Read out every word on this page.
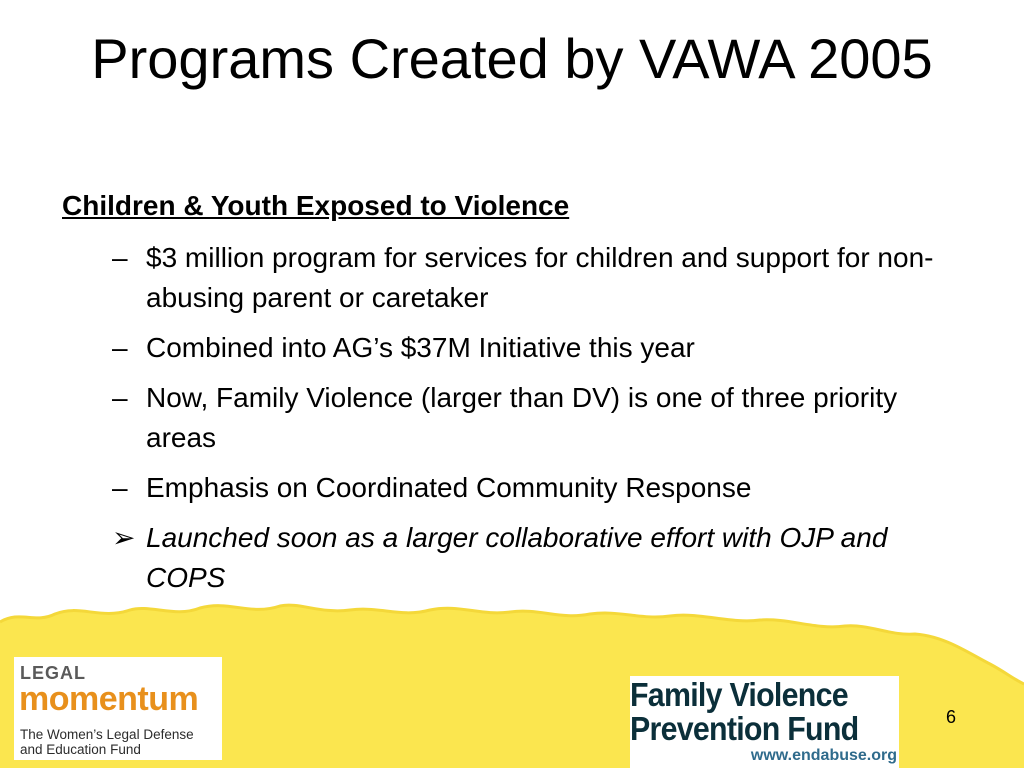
Programs Created by VAWA 2005
Children & Youth Exposed to Violence
– $3 million program for services for children and support for non-abusing parent or caretaker
– Combined into AG’s $37M Initiative this year
– Now, Family Violence (larger than DV) is one of three priority areas
– Emphasis on Coordinated Community Response
➢ Launched soon as a larger collaborative effort with OJP and COPS
LEGAL
momentum
The Women’s Legal Defense
and Education Fund
Family Violence
Prevention Fund
www.endabuse.org
6
